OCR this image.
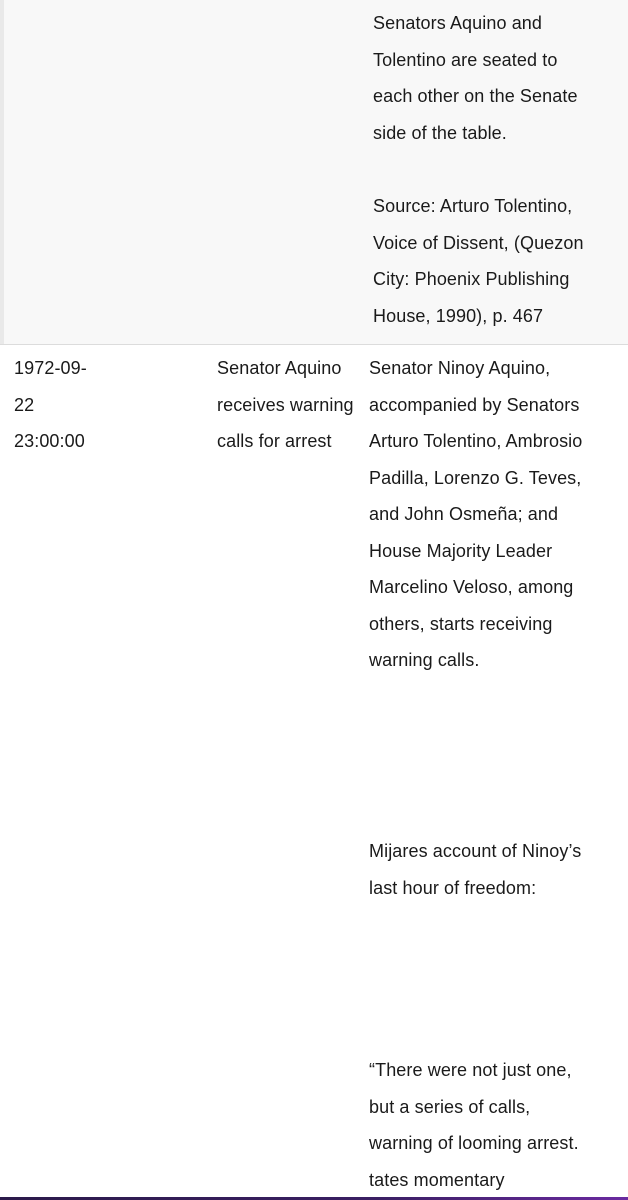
Senators Aquino and Tolentino are seated to each other on the Senate side of the table.

Source: Arturo Tolentino, Voice of Dissent, (Quezon City: Phoenix Publishing House, 1990), p. 467

1972-09-
22
23:00:00

Senator Aquino receives warning calls for arrest

Senator Ninoy Aquino, accompanied by Senators Arturo Tolentino, Ambrosio Padilla, Lorenzo G. Teves, and John Osmeña; and House Majority Leader Marcelino Veloso, among others, starts receiving warning calls.

Mijares account of Ninoy’s last hour of freedom:

“There were not just one, but a series of calls, warning of looming arrest. tates momentary
